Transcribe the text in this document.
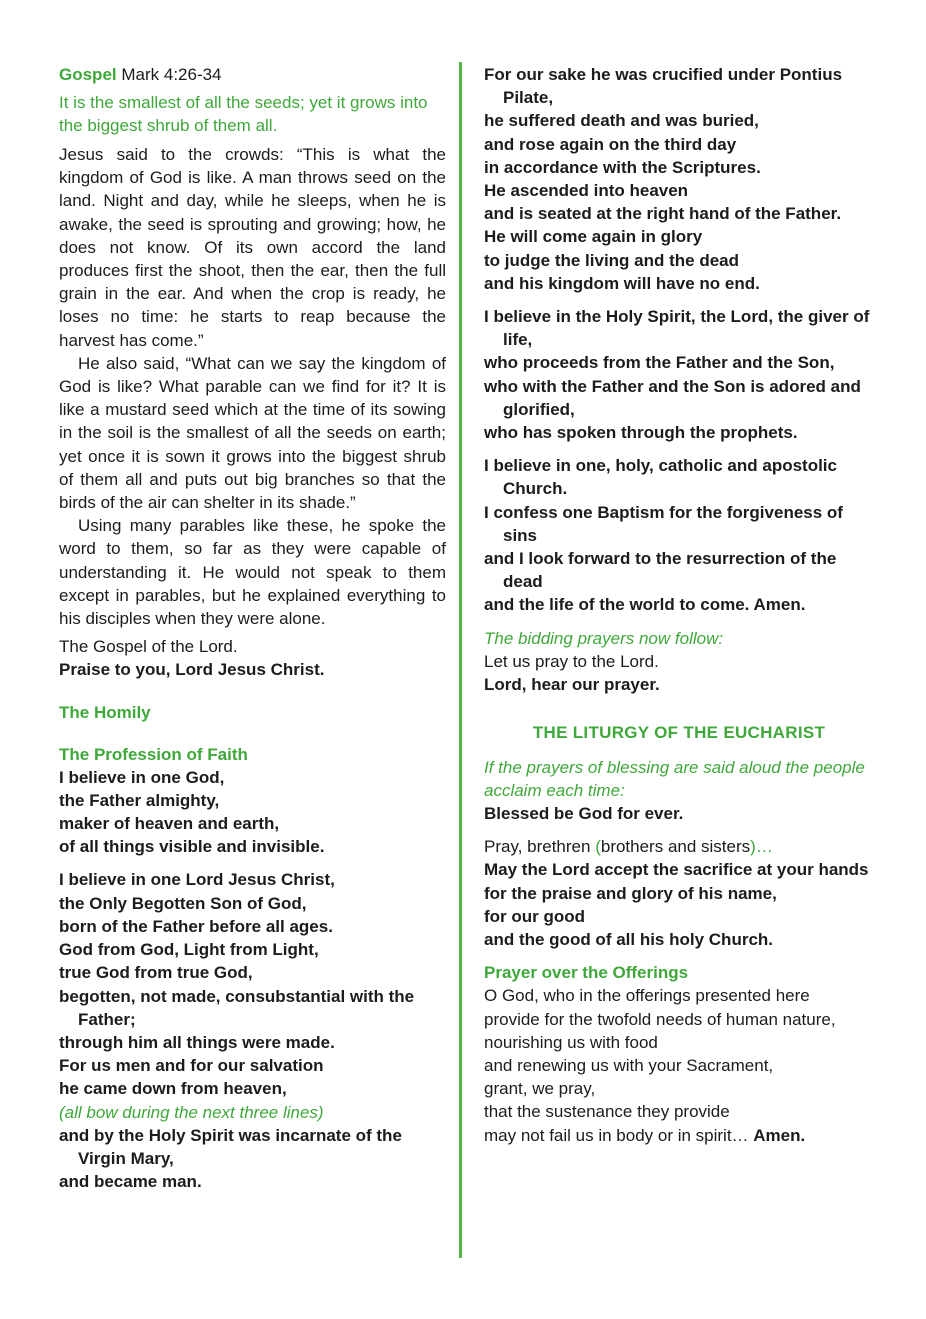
Gospel Mark 4:26-34

It is the smallest of all the seeds; yet it grows into the biggest shrub of them all.

Jesus said to the crowds: “This is what the kingdom of God is like. A man throws seed on the land. Night and day, while he sleeps, when he is awake, the seed is sprouting and growing; how, he does not know. Of its own accord the land produces first the shoot, then the ear, then the full grain in the ear. And when the crop is ready, he loses no time: he starts to reap because the harvest has come.”

He also said, “What can we say the kingdom of God is like? What parable can we find for it? It is like a mustard seed which at the time of its sowing in the soil is the smallest of all the seeds on earth; yet once it is sown it grows into the biggest shrub of them all and puts out big branches so that the birds of the air can shelter in its shade.”

Using many parables like these, he spoke the word to them, so far as they were capable of understanding it. He would not speak to them except in parables, but he explained everything to his disciples when they were alone.

The Gospel of the Lord.

Praise to you, Lord Jesus Christ.

The Homily

The Profession of Faith

I believe in one God,

the Father almighty,

maker of heaven and earth,

of all things visible and invisible.

I believe in one Lord Jesus Christ,

the Only Begotten Son of God,

born of the Father before all ages.

God from God, Light from Light,

true God from true God,

begotten, not made, consubstantial with the Father;

through him all things were made.

For us men and for our salvation

he came down from heaven,

(all bow during the next three lines)

and by the Holy Spirit was incarnate of the Virgin Mary,

and became man.

For our sake he was crucified under Pontius Pilate,

he suffered death and was buried,

and rose again on the third day

in accordance with the Scriptures.

He ascended into heaven

and is seated at the right hand of the Father.

He will come again in glory

to judge the living and the dead

and his kingdom will have no end.

I believe in the Holy Spirit, the Lord, the giver of life,

who proceeds from the Father and the Son,

who with the Father and the Son is adored and glorified,

who has spoken through the prophets.

I believe in one, holy, catholic and apostolic Church.

I confess one Baptism for the forgiveness of sins

and I look forward to the resurrection of the dead

and the life of the world to come. Amen.

The bidding prayers now follow:

Let us pray to the Lord.

Lord, hear our prayer.

THE LITURGY OF THE EUCHARIST

If the prayers of blessing are said aloud the people acclaim each time:

Blessed be God for ever.

Pray, brethren (brothers and sisters)…

May the Lord accept the sacrifice at your hands

for the praise and glory of his name,

for our good

and the good of all his holy Church.

Prayer over the Offerings

O God, who in the offerings presented here

provide for the twofold needs of human nature,

nourishing us with food

and renewing us with your Sacrament,

grant, we pray,

that the sustenance they provide

may not fail us in body or in spirit… Amen.
